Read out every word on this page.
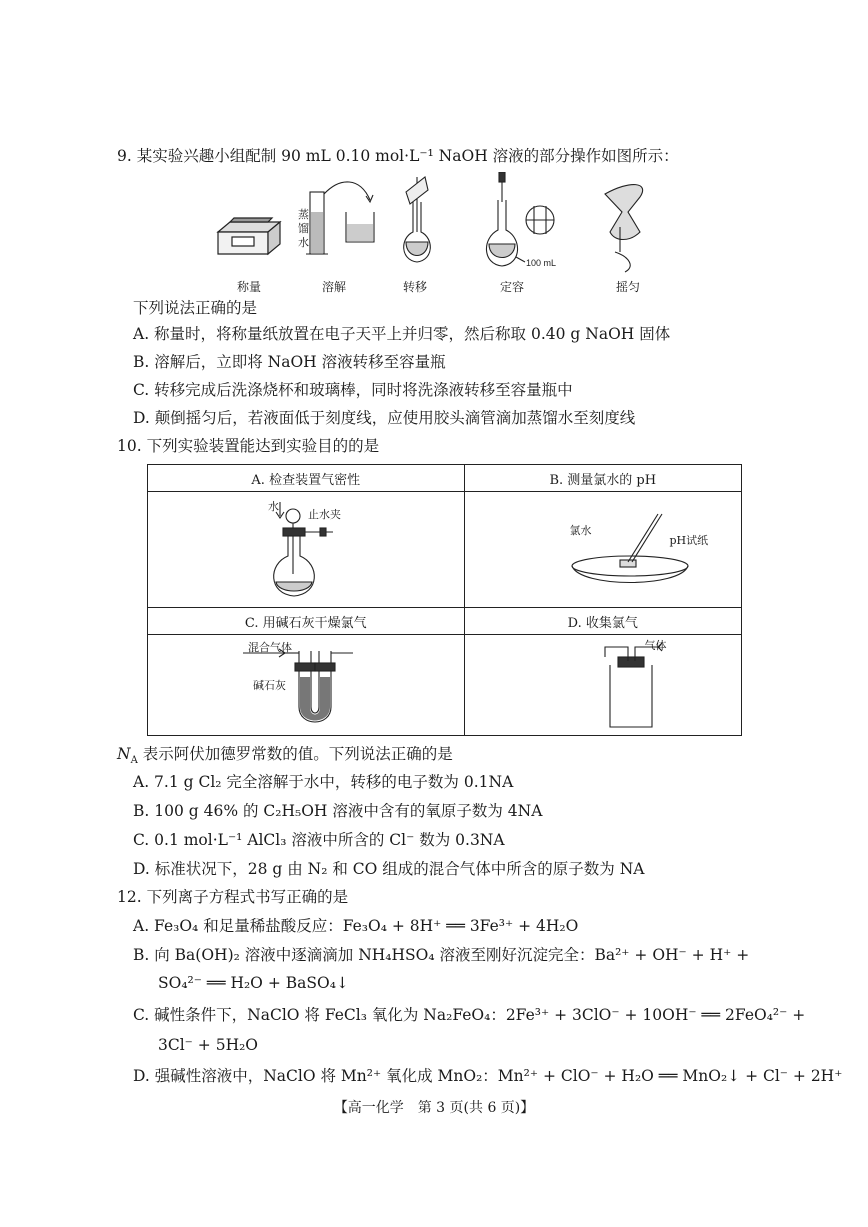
9. 某实验兴趣小组配制 90 mL 0.10 mol·L⁻¹ NaOH 溶液的部分操作如图所示：
100 mL
蒸馏水
称量	溶解	转移	定容	摇匀
下列说法正确的是
A. 称量时，将称量纸放置在电子天平上并归零，然后称取 0.40 g NaOH 固体
B. 溶解后，立即将 NaOH 溶液转移至容量瓶
C. 转移完成后洗涤烧杯和玻璃棒，同时将洗涤液转移至容量瓶中
D. 颠倒摇匀后，若液面低于刻度线，应使用胶头滴管滴加蒸馏水至刻度线
10. 下列实验装置能达到实验目的的是
A. 检查装置气密性	B. 测量氯水的 pH

水
止水夹	氯水
pH试纸

C. 用碱石灰干燥氯气	D. 收集氯气

混合气体
碱石灰	气体
$N_A$ 表示阿伏加德罗常数的值。下列说法正确的是
A. 7.1 g Cl₂ 完全溶解于水中，转移的电子数为 0.1NA
B. 100 g 46% 的 C₂H₅OH 溶液中含有的氧原子数为 4NA
C. 0.1 mol·L⁻¹ AlCl₃ 溶液中所含的 Cl⁻ 数为 0.3NA
D. 标准状况下，28 g 由 N₂ 和 CO 组成的混合气体中所含的原子数为 NA
12. 下列离子方程式书写正确的是
A. Fe₃O₄ 和足量稀盐酸反应：Fe₃O₄ + 8H⁺ ══ 3Fe³⁺ + 4H₂O
B. 向 Ba(OH)₂ 溶液中逐滴滴加 NH₄HSO₄ 溶液至刚好沉淀完全：Ba²⁺ + OH⁻ + H⁺ +
SO₄²⁻ ══ H₂O + BaSO₄↓
C. 碱性条件下，NaClO 将 FeCl₃ 氧化为 Na₂FeO₄：2Fe³⁺ + 3ClO⁻ + 10OH⁻ ══ 2FeO₄²⁻ +
3Cl⁻ + 5H₂O
D. 强碱性溶液中，NaClO 将 Mn²⁺ 氧化成 MnO₂：Mn²⁺ + ClO⁻ + H₂O ══ MnO₂↓ + Cl⁻ + 2H⁺
【高一化学　第 3 页(共 6 页)】
